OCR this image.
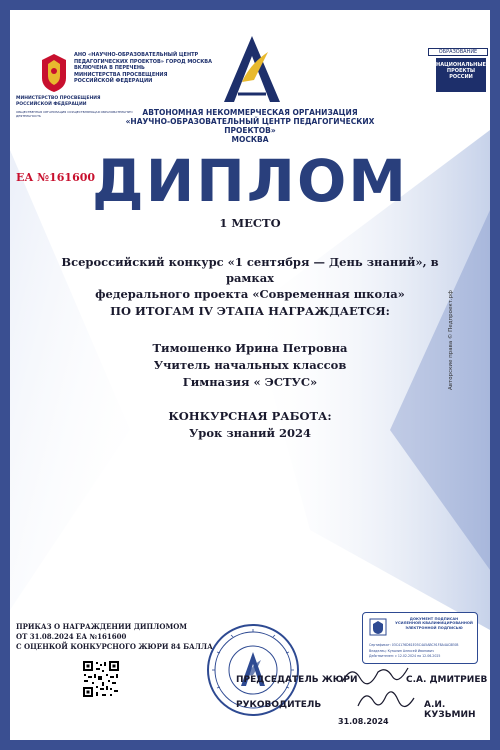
МИНИСТЕРСТВО ПРОСВЕЩЕНИЯ
РОССИЙСКОЙ ФЕДЕРАЦИИ
АНО «НАУЧНО-ОБРАЗОВАТЕЛЬНЫЙ ЦЕНТР
ПЕДАГОГИЧЕСКИХ ПРОЕКТОВ» ГОРОД МОСКВА
ВКЛЮЧЕНА В ПЕРЕЧЕНЬ
МИНИСТЕРСТВА ПРОСВЕЩЕНИЯ
РОССИЙСКОЙ ФЕДЕРАЦИИ
ОБЩЕСТВЕННАЯ ОРГАНИЗАЦИЯ ОСУЩЕСТВЛЯЮЩАЯ ОБРАЗОВАТЕЛЬНУЮ ДЕЯТЕЛЬНОСТЬ
ОБРАЗОВАНИЕ
НАЦИОНАЛЬНЫЕ
ПРОЕКТЫ
РОССИИ
АВТОНОМНАЯ НЕКОММЕРЧЕСКАЯ ОРГАНИЗАЦИЯ
«НАУЧНО-ОБРАЗОВАТЕЛЬНЫЙ ЦЕНТР ПЕДАГОГИЧЕСКИХ ПРОЕКТОВ»
МОСКВА
ЕА №161600
ДИПЛОМ
1 МЕСТО
Всероссийский конкурс «1 сентября — День знаний», в рамках
федерального проекта «Современная школа»
ПО ИТОГАМ IV ЭТАПА НАГРАЖДАЕТСЯ:
Тимошенко Ирина Петровна
Учитель начальных классов
Гимназия « ЭСТУС»
КОНКУРСНАЯ РАБОТА:
Урок знаний 2024
Авторские права © Педпроект.рф
ПРИКАЗ О НАГРАЖДЕНИИ ДИПЛОМОМ
ОТ 31.08.2024 ЕА №161600
С ОЦЕНКОЙ КОНКУРСНОГО ЖЮРИ 84 БАЛЛА
ДОКУМЕНТ ПОДПИСАН
УСИЛЕННОЙ КВАЛИФИЦИРОВАННОЙ
ЭЛЕКТРОННОЙ ПОДПИСЬЮ
Сертификат: 03C4176D61E05C4A5ABC91F8A4AC8E0B
Владелец: Кузьмин Алексей Иванович
Действителен: с 12.02.2024 по 12.06.2025
ПРЕДСЕДАТЕЛЬ ЖЮРИ	С.А. ДМИТРИЕВ
РУКОВОДИТЕЛЬ	А.И. КУЗЬМИН
31.08.2024
